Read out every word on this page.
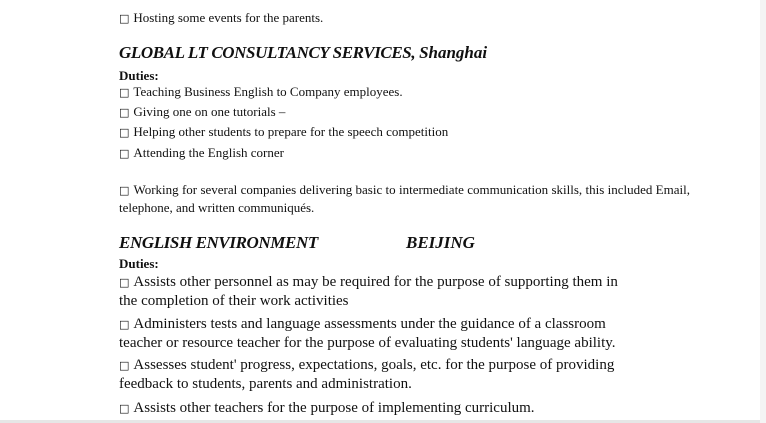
□ Hosting some events for the parents.
GLOBAL LT CONSULTANCY SERVICES, Shanghai
Duties:
□ Teaching Business English to Company employees.
□ Giving one on one tutorials –
□ Helping other students to prepare for the speech competition
□ Attending the English corner
□ Working for several companies delivering basic to intermediate communication skills, this included Email, telephone, and written communiqués.
ENGLISH ENVIRONMENT	BEIJING
Duties:
□ Assists other personnel as may be required for the purpose of supporting them in
the completion of their work activities
□ Administers tests and language assessments under the guidance of a classroom
teacher or resource teacher for the purpose of evaluating students' language ability.
□ Assesses student' progress, expectations, goals, etc. for the purpose of providing
feedback to students, parents and administration.
□ Assists other teachers for the purpose of implementing curriculum.
